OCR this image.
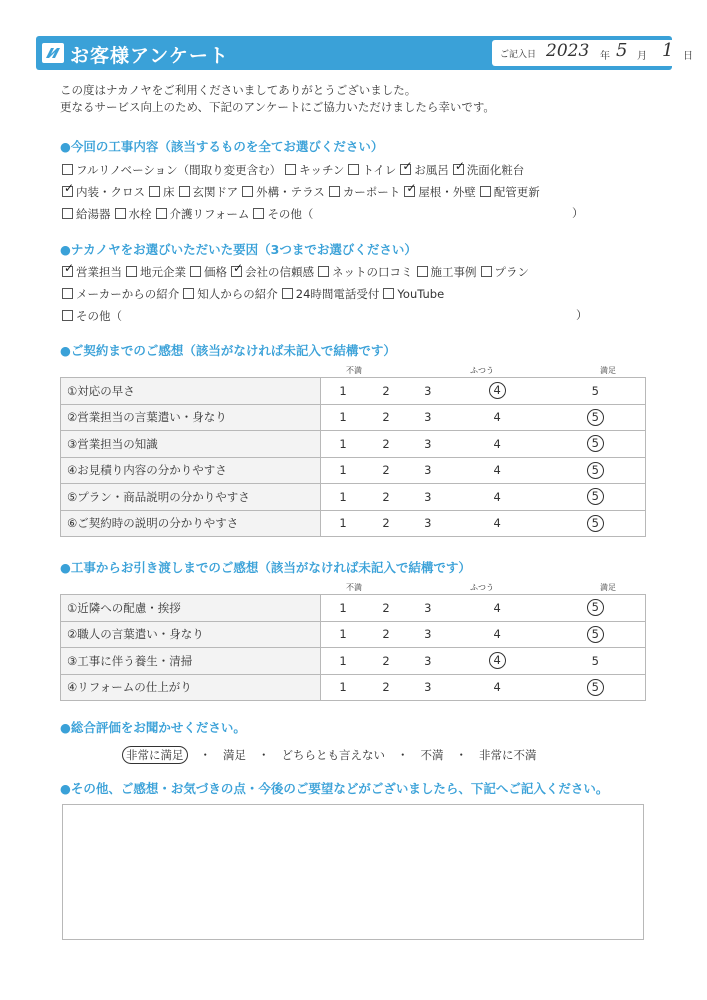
お客様アンケート	ご記入日 2023 年 5 月 1 日
この度はナカノヤをご利用くださいましてありがとうございました。
更なるサービス向上のため、下記のアンケートにご協力いただけましたら幸いです。
●今回の工事内容（該当するものを全てお選びください）
フルリノベーション（間取り変更含む） キッチン トイレ ✓ お風呂 ✓ 洗面化粧台
✓内装・クロス 床 玄関ドア 外構・テラス カーポート ✓ 屋根・外壁 配管更新
給湯器 水栓 介護リフォーム その他（	）
●ナカノヤをお選びいただいた要因（3つまでお選びください）
✓営業担当 地元企業 価格 ✓ 会社の信頼感 ネットの口コミ 施工事例 プラン
メーカーからの紹介 知人からの紹介 24時間電話受付 YouTube
その他（	）
●ご契約までのご感想（該当がなければ未記入で結構です）
不満	ふつう	満足
①対応の早さ	1	2	3	4	5
②営業担当の言葉遣い・身なり	1	2	3	4	5
③営業担当の知識	1	2	3	4	5
④お見積り内容の分かりやすさ	1	2	3	4	5
⑤プラン・商品説明の分かりやすさ	1	2	3	4	5
⑥ご契約時の説明の分かりやすさ	1	2	3	4	5
●工事からお引き渡しまでのご感想（該当がなければ未記入で結構です）
不満	ふつう	満足
①近隣への配慮・挨拶	1	2	3	4	5
②職人の言葉遣い・身なり	1	2	3	4	5
③工事に伴う養生・清掃	1	2	3	4	5
④リフォームの仕上がり	1	2	3	4	5
●総合評価をお聞かせください。
非常に満足 ・ 満足 ・ どちらとも言えない ・ 不満 ・ 非常に不満
●その他、ご感想・お気づきの点・今後のご要望などがございましたら、下記へご記入ください。
